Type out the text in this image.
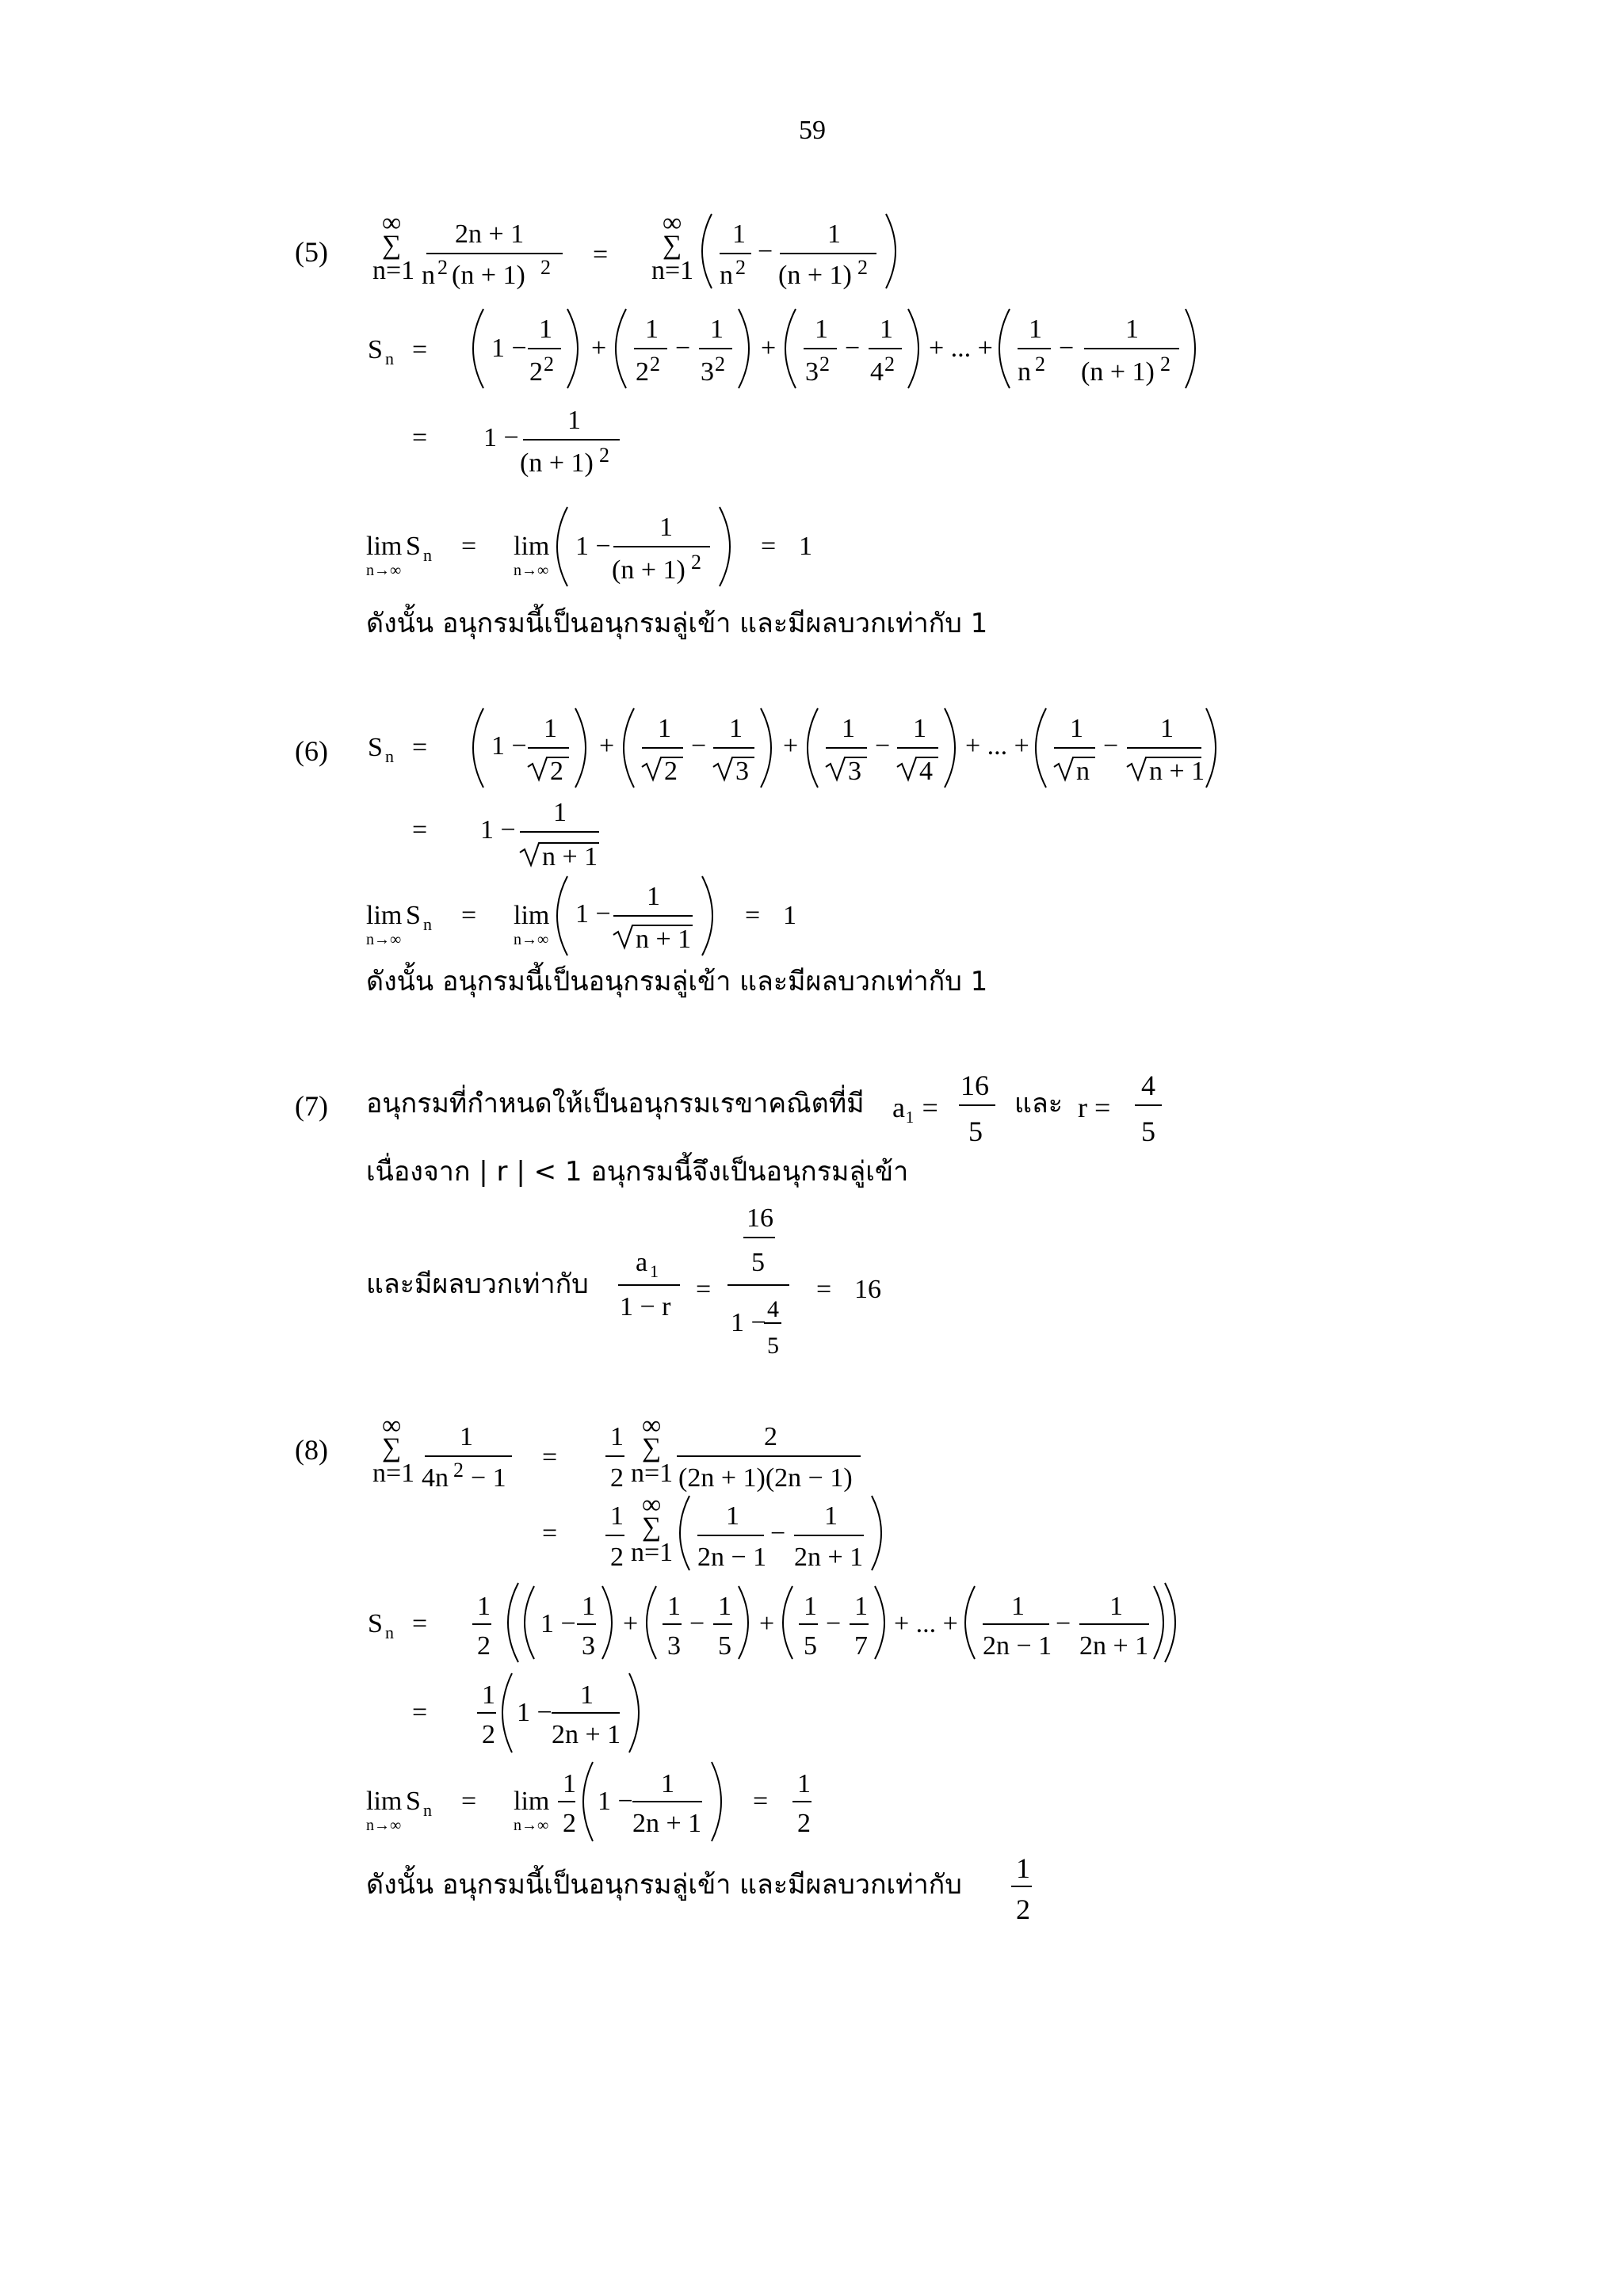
59
(5)
∞
∑
n=1
2n + 1
n 2 (n + 1) 2 =
∞
∑
n=1
1
n 2
−
1
(n + 1) 2
S n = 1 −
1
2 2
+
1
2 2
−
1
3 2
+
1
3 2
−
1
4 2
+ ... +
1
n 2
−
1
(n + 1) 2
= 1 −
1
(n + 1) 2
lim S n
n→∞
= lim
n→∞
1 −
1
(n + 1) 2
= 1
ดังนั้น อนุกรมนี้เป็นอนุกรมลู่เข้า และมีผลบวกเท่ากับ 1
(6) S n = 1 −
1
2
+
1
2
−
1
3
+
1
3
−
1
4
+ ... +
1
n
−
1
n + 1
= 1 −
1
n + 1
lim S n
n→∞
= lim
n→∞
1 −
1
n + 1
= 1
ดังนั้น อนุกรมนี้เป็นอนุกรมลู่เข้า และมีผลบวกเท่ากับ 1
(7) อนุกรมที่กำหนดให้เป็นอนุกรมเรขาคณิตที่มี a₁ =
16
5
และ r =
4
5
เนื่องจาก | r | < 1 อนุกรมนี้จึงเป็นอนุกรมลู่เข้า
และมีผลบวกเท่ากับ
a 1
1 − r
=
16
5
1 − 4
5
= 16
(8)
∞
∑
n=1
1
4n 2 − 1
=
1
2
∞
∑
n=1
2
(2n + 1)(2n − 1)
=
1
2
∞
∑
n=1
1
2n − 1
−
1
2n + 1
S n =
1
2
1 −
1
3
+
1
3
−
1
5
+
1
5
−
1
7
+ ... +
1
2n − 1
−
1
2n + 1
=
1
2
1 −
1
2n + 1
lim S n
n→∞
= lim
n→∞
1
2
1 −
1
2n + 1
=
1
2
ดังนั้น อนุกรมนี้เป็นอนุกรมลู่เข้า และมีผลบวกเท่ากับ
1
2
